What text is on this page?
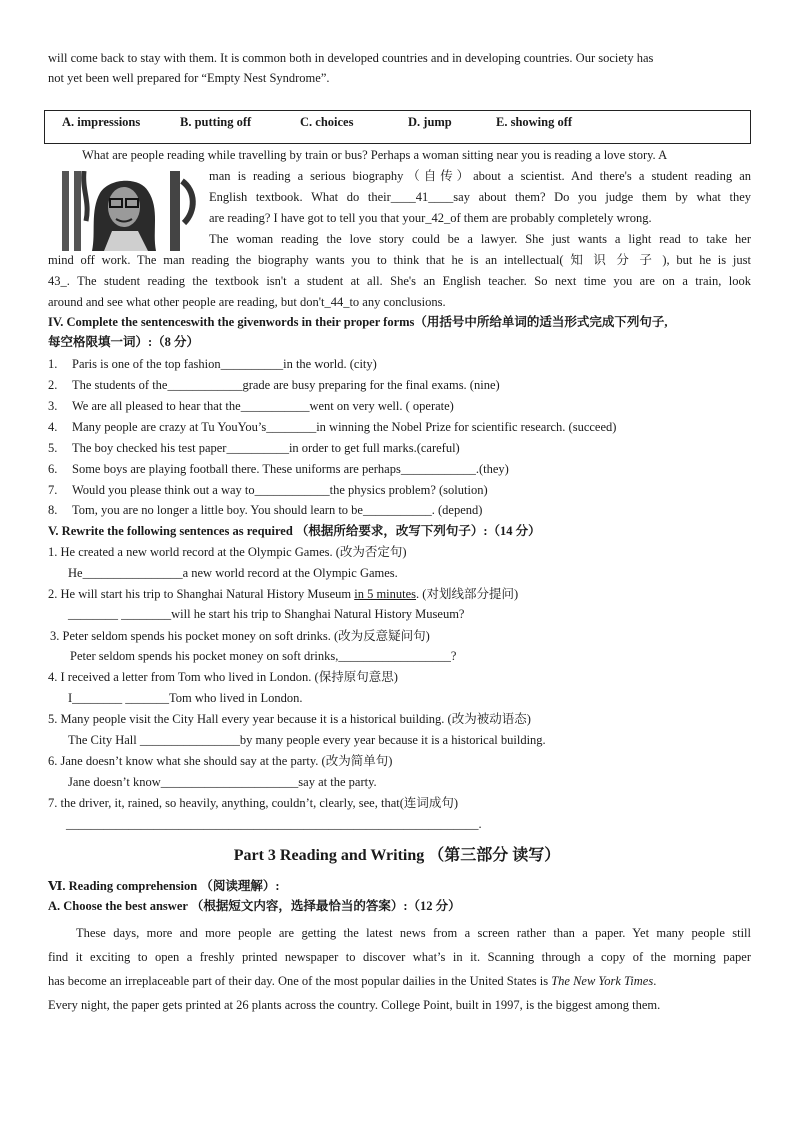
will come back to stay with them. It is common both in developed countries and in developing countries. Our society has
not yet been well prepared for “Empty Nest Syndrome”.
A. impressions	B. putting off	C. choices	D. jump	E. showing off
What are people reading while travelling by train or bus? Perhaps a woman sitting near you is reading a love story. A
man is reading a serious biography（自传）about a scientist. And there's a student reading an
English textbook. What do their____41____say about them? Do you judge them by what they
are reading? I have got to tell you that your_42_of them are probably completely wrong.
The woman reading the love story could be a lawyer. She just wants a light read to take her
mind off work. The man reading the biography wants you to think that he is an intellectual( 知 识 分 子 ), but he is just
43_. The student reading the textbook isn't a student at all. She's an English teacher. So next time you are on a train, look
around and see what other people are reading, but don't_44_to any conclusions.
IV. Complete the sentenceswith the givenwords in their proper forms（用括号中所给单词的适当形式完成下列句子,
每空格限填一词）:（8 分）
1. Paris is one of the top fashion__________in the world. (city)
2. The students of the____________grade are busy preparing for the final exams. (nine)
3. We are all pleased to hear that the___________went on very well. ( operate)
4. Many people are crazy at Tu YouYou’s________in winning the Nobel Prize for scientific research. (succeed)
5. The boy checked his test paper__________in order to get full marks.(careful)
6. Some boys are playing football there. These uniforms are perhaps____________.(they)
7. Would you please think out a way to____________the physics problem? (solution)
8. Tom, you are no longer a little boy. You should learn to be___________. (depend)
V. Rewrite the following sentences as required （根据所给要求，改写下列句子）:（14 分）
1. He created a new world record at the Olympic Games. (改为否定句)
He________________a new world record at the Olympic Games.
2. He will start his trip to Shanghai Natural History Museum in 5 minutes. (对划线部分提问)
________ ________will he start his trip to Shanghai Natural History Museum?
3. Peter seldom spends his pocket money on soft drinks. (改为反意疑问句)
Peter seldom spends his pocket money on soft drinks,__________________?
4. I received a letter from Tom who lived in London. (保持原句意思)
I________ _______Tom who lived in London.
5. Many people visit the City Hall every year because it is a historical building. (改为被动语态)
The City Hall ________________by many people every year because it is a historical building.
6. Jane doesn’t know what she should say at the party. (改为简单句)
Jane doesn’t know______________________say at the party.
7. the driver, it, rained, so heavily, anything, couldn’t, clearly, see, that(连词成句)
__________________________________________________________________.
Part 3 Reading and Writing （第三部分 读写）
Ⅵ. Reading comprehension （阅读理解）:
A. Choose the best answer （根据短文内容，选择最恰当的答案）:（12 分）
These days, more and more people are getting the latest news from a screen rather than a paper. Yet many people still
find it exciting to open a freshly printed newspaper to discover what’s in it. Scanning through a copy of the morning paper
has become an irreplaceable part of their day. One of the most popular dailies in the United States is The New York Times.
Every night, the paper gets printed at 26 plants across the country. College Point, built in 1997, is the biggest among them.
